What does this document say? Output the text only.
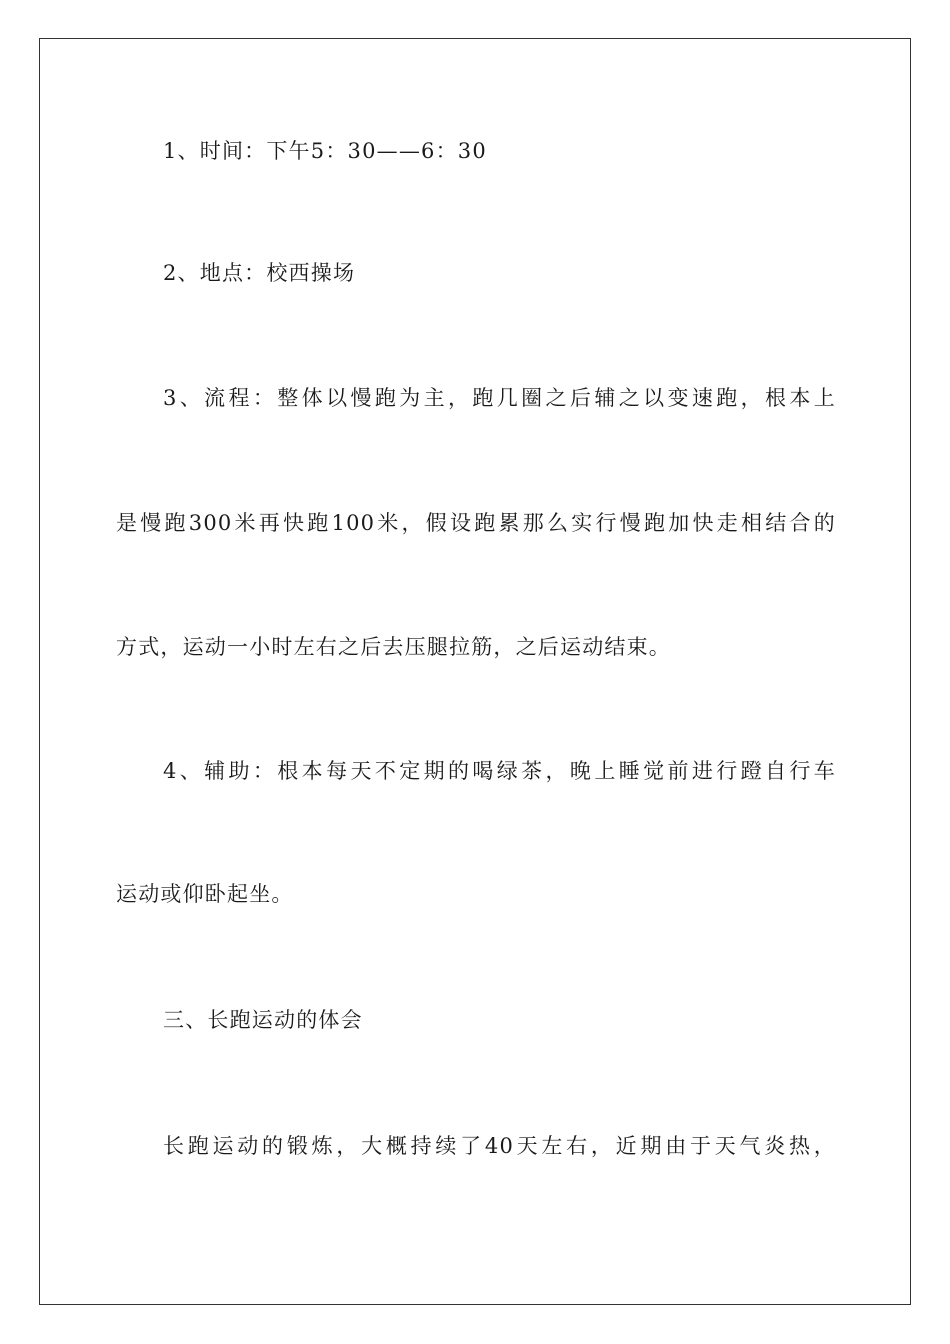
1、时间：下午5：30——6：30
2、地点：校西操场
3、流程：整体以慢跑为主，跑几圈之后辅之以变速跑，根本上
是慢跑300米再快跑100米，假设跑累那么实行慢跑加快走相结合的
方式，运动一小时左右之后去压腿拉筋，之后运动结束。
4、辅助：根本每天不定期的喝绿茶，晚上睡觉前进行蹬自行车
运动或仰卧起坐。
三、长跑运动的体会
长跑运动的锻炼，大概持续了40天左右，近期由于天气炎热，
